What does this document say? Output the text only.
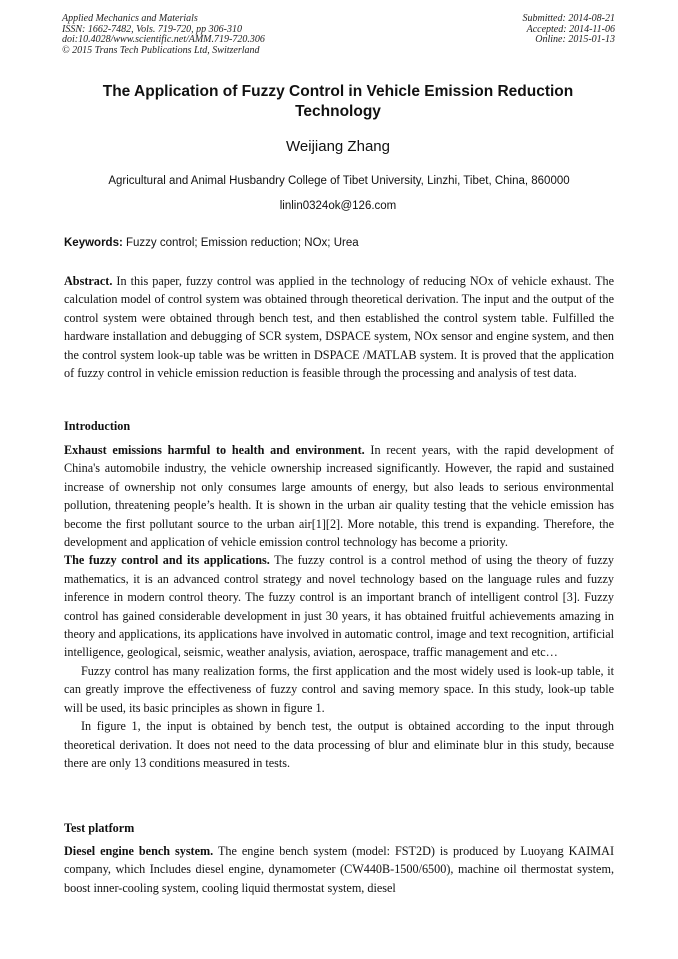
Applied Mechanics and Materials
ISSN: 1662-7482, Vols. 719-720, pp 306-310
doi:10.4028/www.scientific.net/AMM.719-720.306
© 2015 Trans Tech Publications Ltd, Switzerland
Submitted: 2014-08-21
Accepted: 2014-11-06
Online: 2015-01-13
The Application of Fuzzy Control in Vehicle Emission Reduction
Technology
Weijiang Zhang
Agricultural and Animal Husbandry College of Tibet University, Linzhi, Tibet, China, 860000
linlin0324ok@126.com
Keywords: Fuzzy control; Emission reduction; NOx; Urea

Abstract. In this paper, fuzzy control was applied in the technology of reducing NOx of vehicle exhaust. The calculation model of control system was obtained through theoretical derivation. The input and the output of the control system were obtained through bench test, and then established the control system table. Fulfilled the hardware installation and debugging of SCR system, DSPACE system, NOx sensor and engine system, and then the control system look-up table was be written in DSPACE /MATLAB system. It is proved that the application of fuzzy control in vehicle emission reduction is feasible through the processing and analysis of test data.

Introduction

Exhaust emissions harmful to health and environment. In recent years, with the rapid development of China's automobile industry, the vehicle ownership increased significantly. However, the rapid and sustained increase of ownership not only consumes large amounts of energy, but also leads to serious environmental pollution, threatening people’s health. It is shown in the urban air quality testing that the vehicle emission has become the first pollutant source to the urban air[1][2]. More notable, this trend is expanding. Therefore, the development and application of vehicle emission control technology has become a priority.

The fuzzy control and its applications. The fuzzy control is a control method of using the theory of fuzzy mathematics, it is an advanced control strategy and novel technology based on the language rules and fuzzy inference in modern control theory. The fuzzy control is an important branch of intelligent control [3]. Fuzzy control has gained considerable development in just 30 years, it has obtained fruitful achievements amazing in theory and applications, its applications have involved in automatic control, image and text recognition, artificial intelligence, geological, seismic, weather analysis, aviation, aerospace, traffic management and etc…

Fuzzy control has many realization forms, the first application and the most widely used is look-up table, it can greatly improve the effectiveness of fuzzy control and saving memory space. In this study, look-up table will be used, its basic principles as shown in figure 1.

In figure 1, the input is obtained by bench test, the output is obtained according to the input through theoretical derivation. It does not need to the data processing of blur and eliminate blur in this study, because there are only 13 conditions measured in tests.

Test platform

Diesel engine bench system. The engine bench system (model: FST2D) is produced by Luoyang KAIMAI company, which Includes diesel engine, dynamometer (CW440B-1500/6500), machine oil thermostat system, boost inner-cooling system, cooling liquid thermostat system, diesel
